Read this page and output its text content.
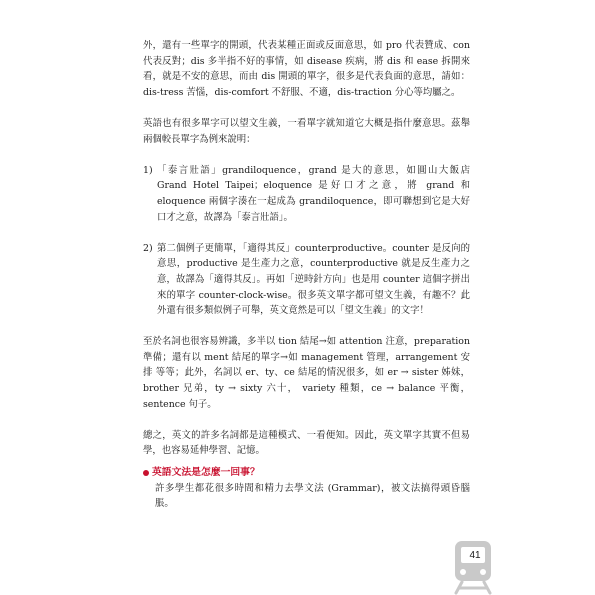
外，還有一些單字的開頭，代表某種正面或反面意思，如 pro 代表贊成、con 代表反對；dis 多半指不好的事情，如 disease 疾病，將 dis 和 ease 拆開來看，就是不安的意思，而由 dis 開頭的單字，很多是代表負面的意思，請如：dis-tress 苦惱，dis-comfort 不舒服、不適，dis-traction 分心等均屬之。

英語也有很多單字可以望文生義，一看單字就知道它大概是指什麼意思。茲舉兩個較長單字為例來說明：

1) 「泰言壯語」grandiloquence，grand 是大的意思，如圓山大飯店 Grand Hotel Taipei；eloquence 是好口才之意，將 grand 和 eloquence 兩個字湊在一起成為 grandiloquence，即可聯想到它是大好口才之意，故譯為「泰言壯語」。

2) 第二個例子更簡單，「適得其反」counterproductive。counter 是反向的意思，productive 是生產力之意，counterproductive 就是反生產力之意，故譯為「適得其反」。再如「逆時針方向」也是用 counter 這個字拼出來的單字 counter-clock-wise。很多英文單字都可望文生義，有趣不？此外還有很多類似例子可舉，英文竟然是可以「望文生義」的文字！

至於名詞也很容易辨識，多半以 tion 結尾→如 attention 注意，preparation 準備；還有以 ment 結尾的單字→如 management 管理，arrangement 安排 等等；此外，名詞以 er、ty、ce 結尾的情況很多，如 er → sister 姊妹，brother 兄弟，ty → sixty 六十， variety 種類，ce → balance 平衡，sentence 句子。

總之，英文的許多名詞都是這種模式、一看便知。因此，英文單字其實不但易學，也容易延伸學習、記憶。

英語文法是怎麼一回事？

許多學生都花很多時間和精力去學文法 (Grammar)，被文法搞得頭昏腦脹。

41
